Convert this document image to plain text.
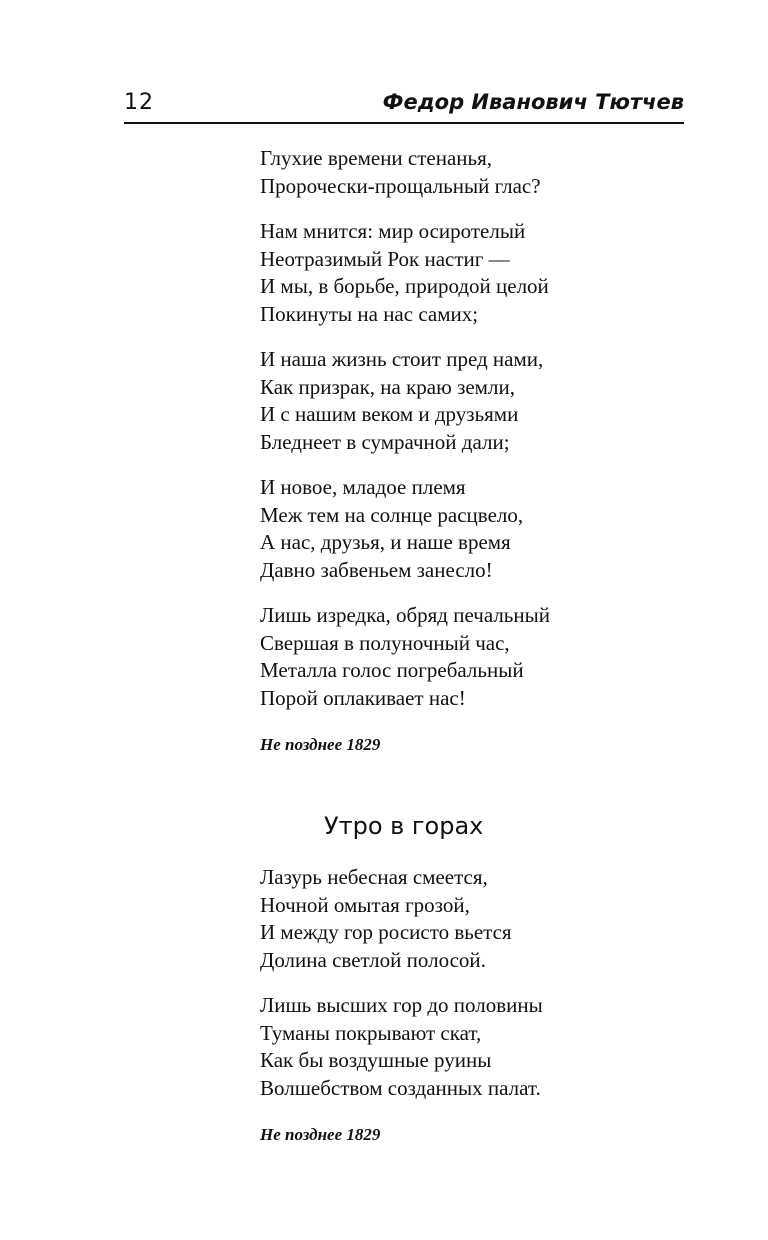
12	Федор Иванович Тютчев
Глухие времени стенанья,
Пророчески-прощальный глас?
Нам мнится: мир осиротелый
Неотразимый Рок настиг —
И мы, в борьбе, природой целой
Покинуты на нас самих;
И наша жизнь стоит пред нами,
Как призрак, на краю земли,
И с нашим веком и друзьями
Бледнеет в сумрачной дали;
И новое, младое племя
Меж тем на солнце расцвело,
А нас, друзья, и наше время
Давно забвеньем занесло!
Лишь изредка, обряд печальный
Свершая в полуночный час,
Металла голос погребальный
Порой оплакивает нас!
Не позднее 1829
Утро в горах
Лазурь небесная смеется,
Ночной омытая грозой,
И между гор росисто вьется
Долина светлой полосой.
Лишь высших гор до половины
Туманы покрывают скат,
Как бы воздушные руины
Волшебством созданных палат.
Не позднее 1829
